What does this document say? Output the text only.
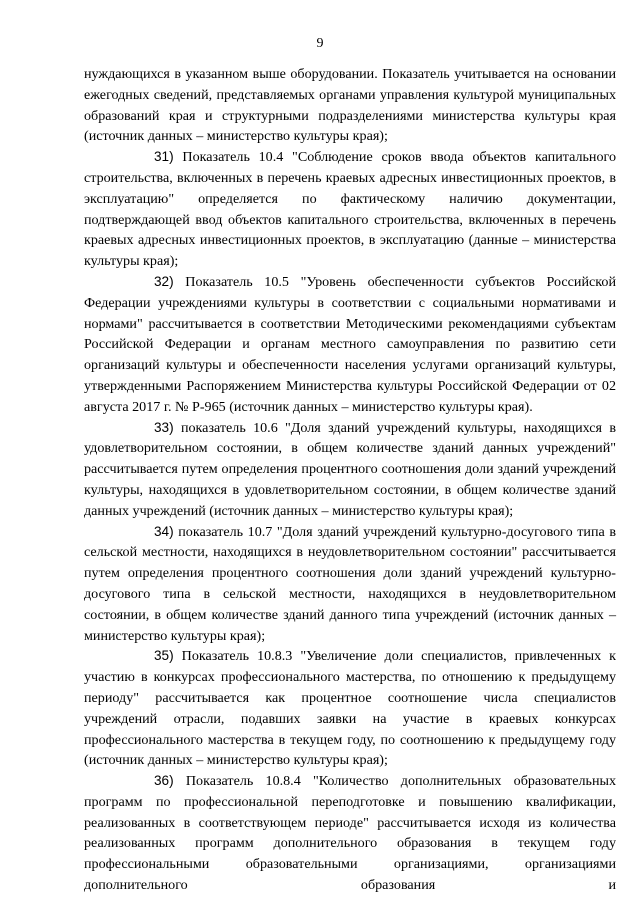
9

нуждающихся в указанном выше оборудовании. Показатель учитывается на основании ежегодных сведений, представляемых органами управления культурой муниципальных образований края и структурными подразделениями министерства культуры края (источник данных – министерство культуры края);

31) Показатель 10.4 "Соблюдение сроков ввода объектов капитального строительства, включенных в перечень краевых адресных инвестиционных проектов, в эксплуатацию" определяется по фактическому наличию документации, подтверждающей ввод объектов капитального строительства, включенных в перечень краевых адресных инвестиционных проектов, в эксплуатацию (данные – министерства культуры края);

32) Показатель 10.5 "Уровень обеспеченности субъектов Российской Федерации учреждениями культуры в соответствии с социальными нормативами и нормами" рассчитывается в соответствии Методическими рекомендациями субъектам Российской Федерации и органам местного самоуправления по развитию сети организаций культуры и обеспеченности населения услугами организаций культуры, утвержденными Распоряжением Министерства культуры Российской Федерации от 02 августа 2017 г. № Р-965 (источник данных – министерство культуры края).

33) показатель 10.6 "Доля зданий учреждений культуры, находящихся в удовлетворительном состоянии, в общем количестве зданий данных учреждений" рассчитывается путем определения процентного соотношения доли зданий учреждений культуры, находящихся в удовлетворительном состоянии, в общем количестве зданий данных учреждений (источник данных – министерство культуры края);

34) показатель 10.7 "Доля зданий учреждений культурно-досугового типа в сельской местности, находящихся в неудовлетворительном состоянии" рассчитывается путем определения процентного соотношения доли зданий учреждений культурно-досугового типа в сельской местности, находящихся в неудовлетворительном состоянии, в общем количестве зданий данного типа учреждений (источник данных – министерство культуры края);

35) Показатель 10.8.3 "Увеличение доли специалистов, привлеченных к участию в конкурсах профессионального мастерства, по отношению к предыдущему периоду" рассчитывается как процентное соотношение числа специалистов учреждений отрасли, подавших заявки на участие в краевых конкурсах профессионального мастерства в текущем году, по соотношению к предыдущему году (источник данных – министерство культуры края);

36) Показатель 10.8.4 "Количество дополнительных образовательных программ по профессиональной переподготовке и повышению квалификации, реализованных в соответствующем периоде" рассчитывается исходя из количества реализованных программ дополнительного образования в текущем году профессиональными образовательными организациями, организациями дополнительного образования и
